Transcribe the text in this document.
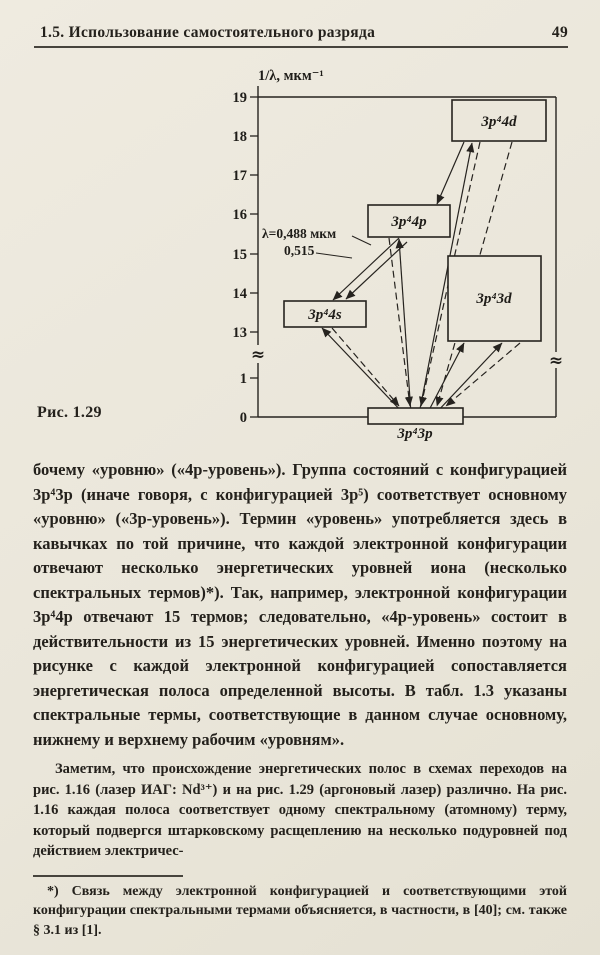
1.5. Использование самостоятельного разряда	49
1/λ, мкм⁻¹
≈	≈
19
18
17
16
15
14
13
1
0
3p⁴4d
3p⁴4p
3p⁴3d
3p⁴4s
3p⁴3p
λ=0,488 мкм
0,515
Рис. 1.29
бочему «уровню» («4p-уровень»). Группа состояний с конфигурацией 3p⁴3p (иначе говоря, с конфигурацией 3p⁵) соответствует основному «уровню» («3p-уровень»). Термин «уровень» употребляется здесь в кавычках по той причине, что каждой электронной конфигурации отвечают несколько энергетических уровней иона (несколько спектральных термов)*). Так, например, электронной конфигурации 3p⁴4p отвечают 15 термов; следовательно, «4p-уровень» состоит в действительности из 15 энергетических уровней. Именно поэтому на рисунке с каждой электронной конфигурацией сопоставляется энергетическая полоса определенной высоты. В табл. 1.3 указаны спектральные термы, соответствующие в данном случае основному, нижнему и верхнему рабочим «уровням».
Заметим, что происхождение энергетических полос в схемах переходов на рис. 1.16 (лазер ИАГ: Nd³⁺) и на рис. 1.29 (аргоновый лазер) различно. На рис. 1.16 каждая полоса соответствует одному спектральному (атомному) терму, который подвергся штарковскому расщеплению на несколько подуровней под действием электричес-
*) Связь между электронной конфигурацией и соответствующими этой конфигурации спектральными термами объясняется, в частности, в [40]; см. также § 3.1 из [1].
